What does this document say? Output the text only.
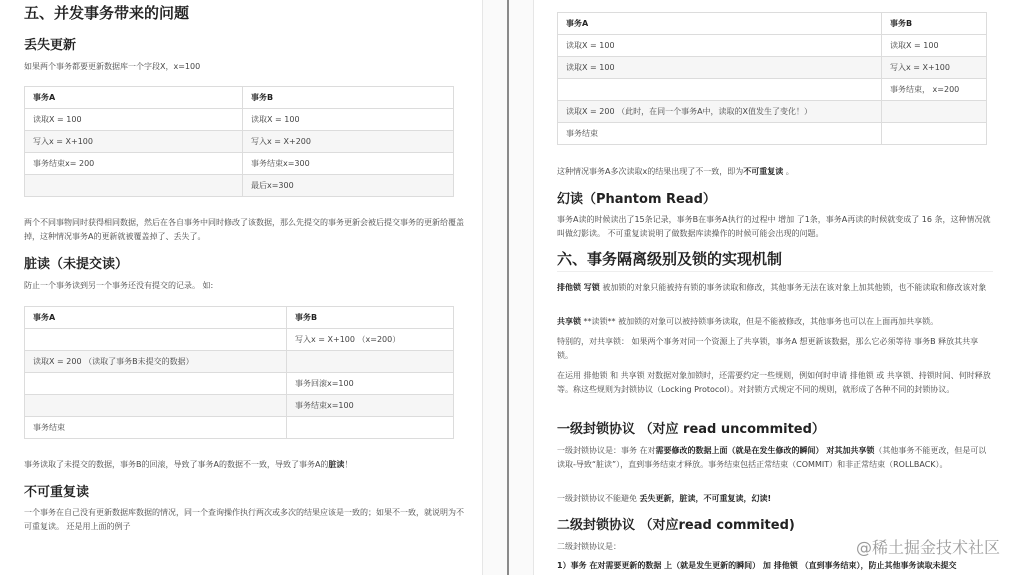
五、并发事务带来的问题
丢失更新

如果两个事务都要更新数据库一个字段X，x=100

事务A	事务B
读取X = 100	读取X = 100
写入x = X+100	写入x = X+200
事务结束x= 200	事务结束x=300
	最后x=300

两个不同事物同时获得相同数据，然后在各自事务中同时修改了该数据，那么先提交的事务更新会被后提交事务的更新给覆盖掉，这种情况事务A的更新就被覆盖掉了、丢失了。

脏读（未提交读）

防止一个事务读到另一个事务还没有提交的记录。 如:

事务A	事务B
	写入x = X+100 （x=200）
读取X = 200 （读取了事务B未提交的数据）	
	事务回滚x=100
	事务结束x=100
事务结束	

事务读取了未提交的数据，事务B的回滚，导致了事务A的数据不一致，导致了事务A的脏读！

不可重复读

一个事务在自己没有更新数据库数据的情况，同一个查询操作执行两次或多次的结果应该是一致的；如果不一致，就说明为不可重复读。 还是用上面的例子

事务A	事务B
读取X = 100	读取X = 100
读取X = 100	写入x = X+100
	事务结束， x=200
读取X = 200 （此时，在同一个事务A中，读取的X值发生了变化！）	
事务结束	

这种情况事务A多次读取x的结果出现了不一致，即为不可重复读 。

幻读（Phantom Read）

事务A读的时候读出了15条记录，事务B在事务A执行的过程中 增加 了1条，事务A再读的时候就变成了 16 条，这种情况就叫做幻影读。 不可重复读说明了做数据库读操作的时候可能会出现的问题。

六、事务隔离级别及锁的实现机制

排他锁 写锁 被加锁的对象只能被持有锁的事务读取和修改，其他事务无法在该对象上加其他锁，也不能读取和修改该对象

共享锁 **读锁** 被加锁的对象可以被持锁事务读取，但是不能被修改，其他事务也可以在上面再加共享锁。

特别的，对共享锁： 如果两个事务对同一个资源上了共享锁，事务A 想更新该数据，那么它必须等待 事务B 释放其共享锁。

在运用 排他锁 和 共享锁 对数据对象加锁时，还需要约定一些规则，例如何时申请 排他锁 或 共享锁、持锁时间、何时释放等。称这些规则为封锁协议（Locking Protocol）。对封锁方式规定不同的规则，就形成了各种不同的封锁协议。

一级封锁协议 （对应 read uncommited）

一级封锁协议是：事务 在对需要修改的数据上面（就是在发生修改的瞬间） 对其加共享锁（其他事务不能更改，但是可以读取-导致“脏读”），直到事务结束才释放。事务结束包括正常结束（COMMIT）和非正常结束（ROLLBACK）。

一级封锁协议不能避免 丢失更新，脏读，不可重复读，幻读!

二级封锁协议 （对应read commited)

二级封锁协议是：

1）事务 在对需要更新的数据 上（就是发生更新的瞬间） 加 排他锁 （直到事务结束），防止其他事务读取未提交

@稀土掘金技术社区
